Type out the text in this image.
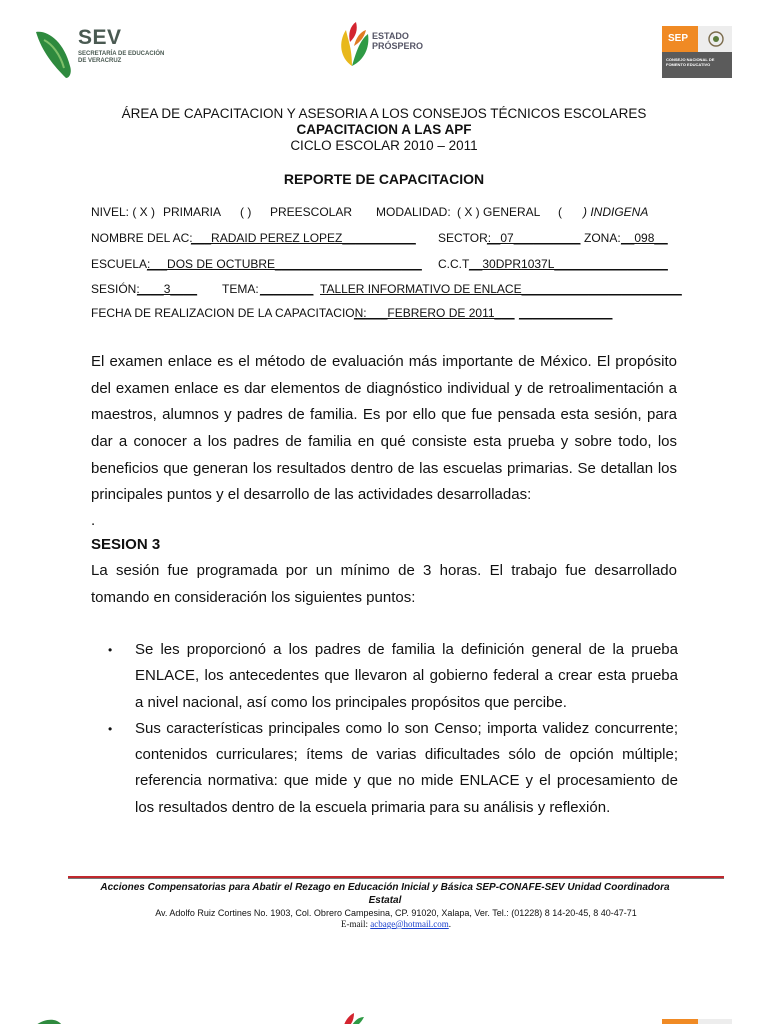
SEV
SECRETARÍA DE EDUCACIÓN
DE VERACRUZ
ESTADO
PRÓSPERO
SEP
CONSEJO NACIONAL DE
FOMENTO EDUCATIVO
ÁREA DE CAPACITACION Y ASESORIA A LOS CONSEJOS TÉCNICOS ESCOLARES
CAPACITACION A LAS APF
CICLO ESCOLAR 2010 – 2011
REPORTE DE CAPACITACION
NIVEL: ( X ) PRIMARIA ( ) PREESCOLAR MODALIDAD: ( X ) GENERAL ( ) INDIGENA
NOMBRE DEL AC:
___RADAID PEREZ LOPEZ___________ SECTOR:
__07__________ ZONA: __098__
ESCUELA:
___DOS DE OCTUBRE______________________ C.C.T __30DPR1037L_________________
SESIÓN:
____3____ TEMA: ________ TALLER INFORMATIVO DE ENLACE________________________
FECHA DE REALIZACION DE LA CAPACITACION:
_____FEBRERO DE 2011___ ______________
El examen enlace es el método de evaluación más importante de México. El propósito
del examen enlace es dar elementos de diagnóstico individual y de retroalimentación a
maestros, alumnos y padres de familia. Es por ello que fue pensada esta sesión, para
dar a conocer a los padres de familia en qué consiste esta prueba y sobre todo, los
beneficios que generan los resultados dentro de las escuelas primarias. Se detallan los
principales puntos y el desarrollo de las actividades desarrolladas:
.
SESION 3
La sesión fue programada por un mínimo de 3 horas. El trabajo fue desarrollado
tomando en consideración los siguientes puntos:
• Se les proporcionó a los padres de familia la definición general de la prueba
ENLACE, los antecedentes que llevaron al gobierno federal a crear esta prueba
a nivel nacional, así como los principales propósitos que percibe.
• Sus características principales como lo son Censo; importa validez concurrente;
contenidos curriculares; ítems de varias dificultades sólo de opción múltiple;
referencia normativa: que mide y que no mide ENLACE y el procesamiento de
los resultados dentro de la escuela primaria para su análisis y reflexión.
Acciones Compensatorias para Abatir el Rezago en Educación Inicial y Básica SEP-CONAFE-SEV Unidad Coordinadora
Estatal
Av. Adolfo Ruiz Cortines No. 1903, Col. Obrero Campesina, CP. 91020, Xalapa, Ver. Tel.: (01228) 8 14-20-45, 8 40-47-71
E-mail: acbage@hotmail.com.
